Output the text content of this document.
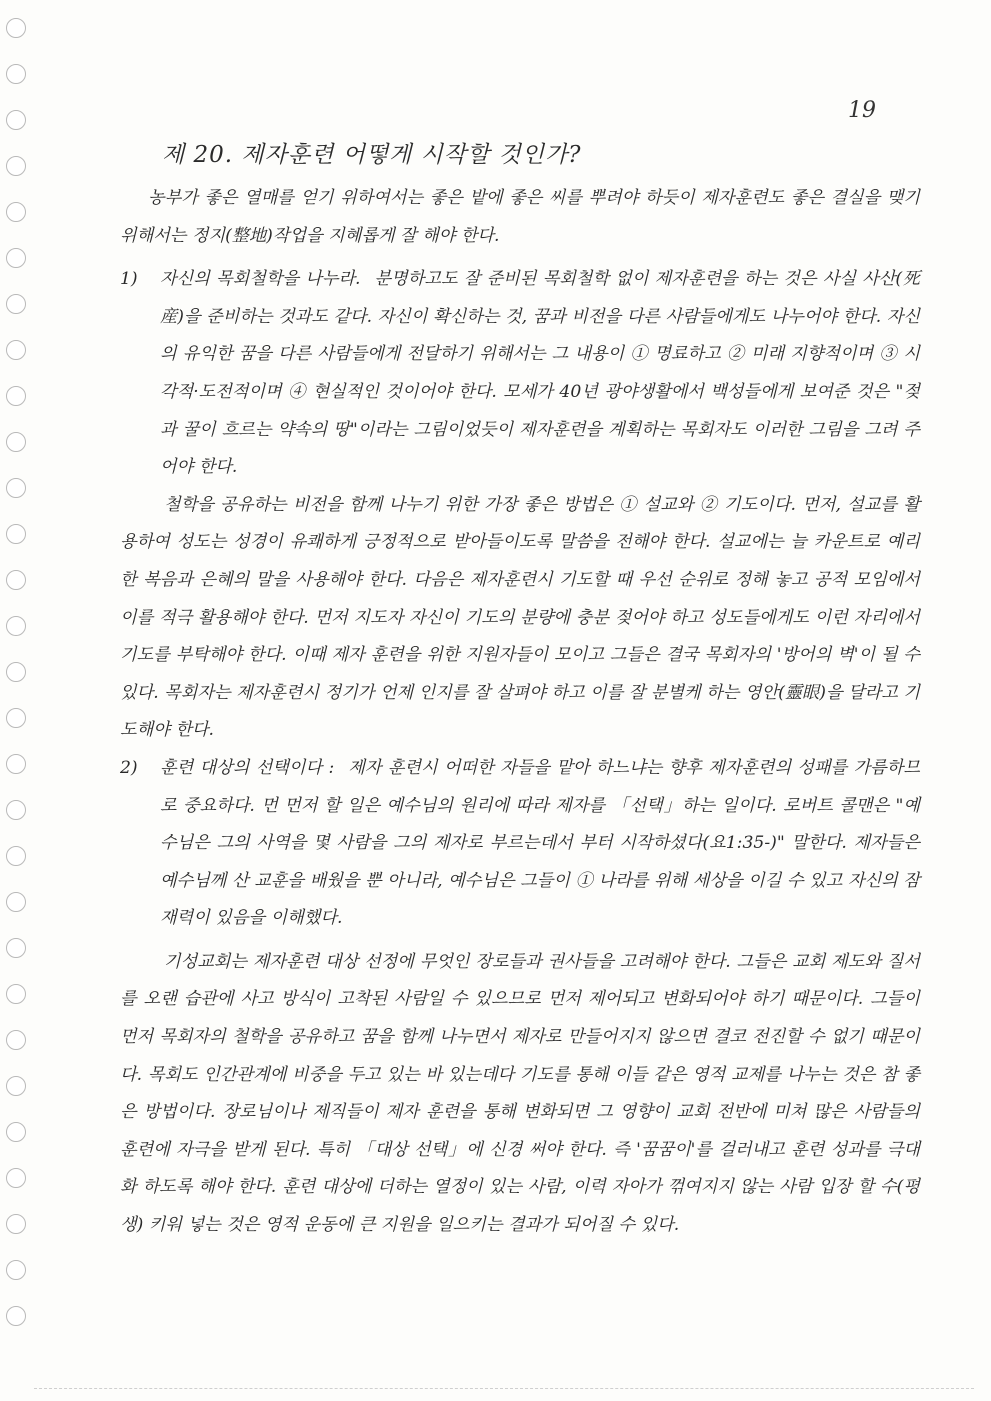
19
제 20. 제자훈련 어떻게 시작할 것인가?

농부가 좋은 열매를 얻기 위하여서는 좋은 밭에 좋은 씨를 뿌려야 하듯이 제자훈련도 좋은 결실을 맺기 위해서는 정지(整地)작업을 지혜롭게 잘 해야 한다.

1)	자신의 목회철학을 나누라. 분명하고도 잘 준비된 목회철학 없이 제자훈련을 하는 것은 사실 사산(死産)을 준비하는 것과도 같다. 자신이 확신하는 것, 꿈과 비전을 다른 사람들에게도 나누어야 한다. 자신의 유익한 꿈을 다른 사람들에게 전달하기 위해서는 그 내용이 ① 명료하고 ② 미래 지향적이며 ③ 시각적·도전적이며 ④ 현실적인 것이어야 한다. 모세가 40년 광야생활에서 백성들에게 보여준 것은 "젖과 꿀이 흐르는 약속의 땅"이라는 그림이었듯이 제자훈련을 계획하는 목회자도 이러한 그림을 그려 주어야 한다.

철학을 공유하는 비전을 함께 나누기 위한 가장 좋은 방법은 ① 설교와 ② 기도이다. 먼저, 설교를 활용하여 성도는 성경이 유쾌하게 긍정적으로 받아들이도록 말씀을 전해야 한다. 설교에는 늘 카운트로 예리한 복음과 은혜의 말을 사용해야 한다. 다음은 제자훈련시 기도할 때 우선 순위로 정해 놓고 공적 모임에서 이를 적극 활용해야 한다. 먼저 지도자 자신이 기도의 분량에 충분 젖어야 하고 성도들에게도 이런 자리에서 기도를 부탁해야 한다. 이때 제자 훈련을 위한 지원자들이 모이고 그들은 결국 목회자의 '방어의 벽'이 될 수 있다. 목회자는 제자훈련시 정기가 언제 인지를 잘 살펴야 하고 이를 잘 분별케 하는 영안(靈眼)을 달라고 기도해야 한다.

2)	훈련 대상의 선택이다 : 제자 훈련시 어떠한 자들을 맡아 하느냐는 향후 제자훈련의 성패를 가름하므로 중요하다. 먼 먼저 할 일은 예수님의 원리에 따라 제자를 「선택」하는 일이다. 로버트 콜맨은 "예수님은 그의 사역을 몇 사람을 그의 제자로 부르는데서 부터 시작하셨다(요1:35-)" 말한다. 제자들은 예수님께 산 교훈을 배웠을 뿐 아니라, 예수님은 그들이 ① 나라를 위해 세상을 이길 수 있고 자신의 잠재력이 있음을 이해했다.

기성교회는 제자훈련 대상 선정에 무엇인 장로들과 권사들을 고려해야 한다. 그들은 교회 제도와 질서를 오랜 습관에 사고 방식이 고착된 사람일 수 있으므로 먼저 제어되고 변화되어야 하기 때문이다. 그들이 먼저 목회자의 철학을 공유하고 꿈을 함께 나누면서 제자로 만들어지지 않으면 결코 전진할 수 없기 때문이다. 목회도 인간관계에 비중을 두고 있는 바 있는데다 기도를 통해 이들 같은 영적 교제를 나누는 것은 참 좋은 방법이다. 장로님이나 제직들이 제자 훈련을 통해 변화되면 그 영향이 교회 전반에 미쳐 많은 사람들의 훈련에 자극을 받게 된다. 특히 「대상 선택」에 신경 써야 한다. 즉 '꿈꿈이'를 걸러내고 훈련 성과를 극대화 하도록 해야 한다. 훈련 대상에 더하는 열정이 있는 사람, 이력 자아가 꺾여지지 않는 사람 입장 할 수(평생) 키워 넣는 것은 영적 운동에 큰 지원을 일으키는 결과가 되어질 수 있다.
